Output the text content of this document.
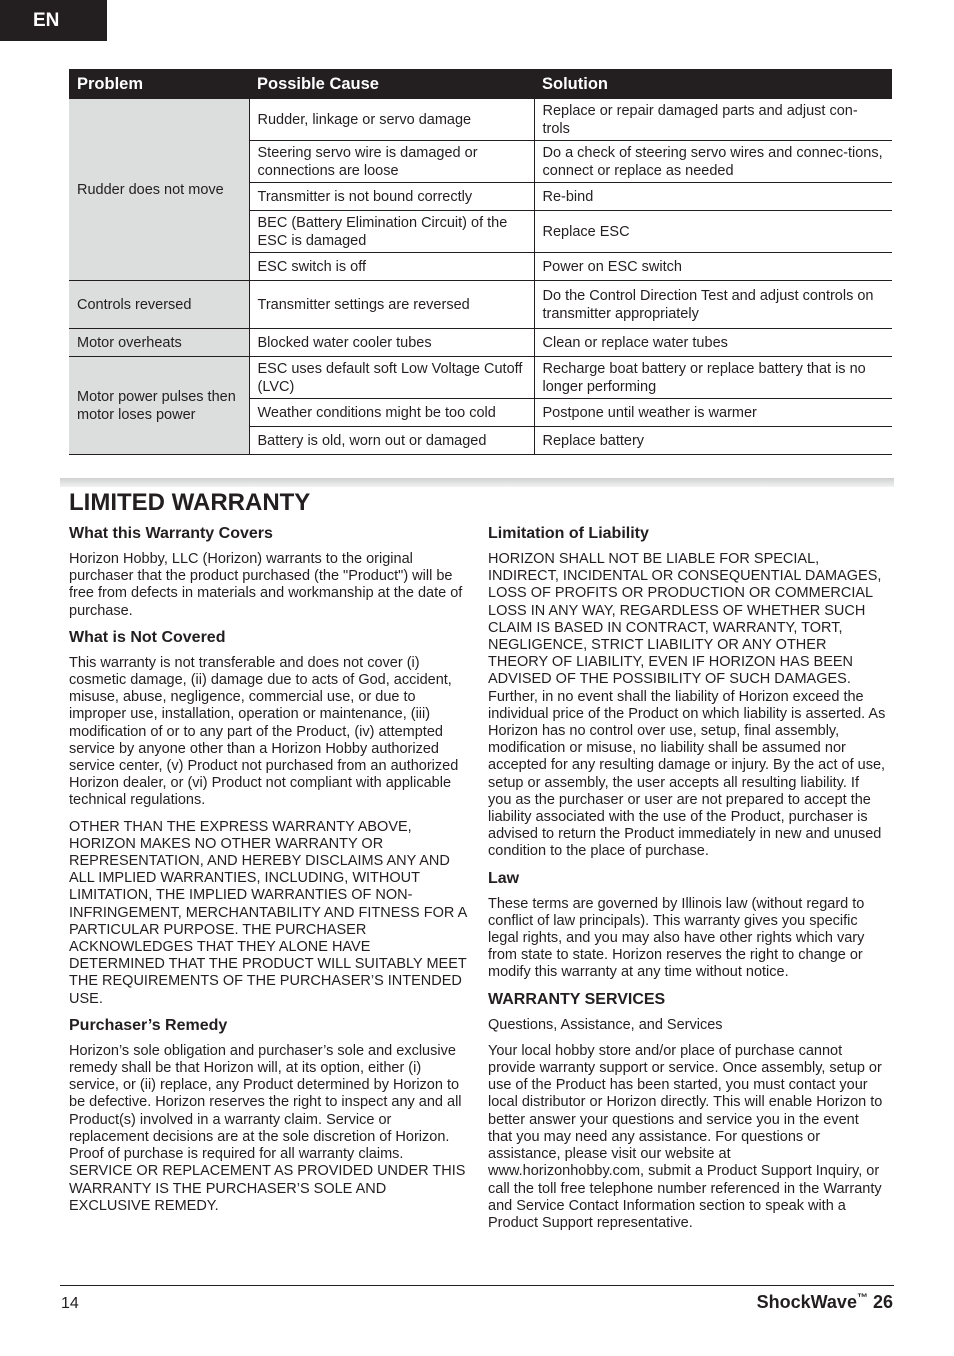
EN
Problem	Possible Cause	Solution
Rudder does not move	Rudder, linkage or servo damage	Replace or repair damaged parts and adjust con-trols
	Steering servo wire is damaged or connections are loose	Do a check of steering servo wires and connec-tions, connect or replace as needed
	Transmitter is not bound correctly	Re-bind
	BEC (Battery Elimination Circuit) of the ESC is damaged	Replace ESC
	ESC switch is off	Power on ESC switch
Controls reversed	Transmitter settings are reversed	Do the Control Direction Test and adjust controls on transmitter appropriately
Motor overheats	Blocked water cooler tubes	Clean or replace water tubes
Motor power pulses then motor loses power	ESC uses default soft Low Voltage Cutoff (LVC)	Recharge boat battery or replace battery that is no longer performing
	Weather conditions might be too cold	Postpone until weather is warmer
	Battery is old, worn out or damaged	Replace battery
LIMITED WARRANTY
What this Warranty Covers

Horizon Hobby, LLC (Horizon) warrants to the original purchaser that the product purchased (the "Product") will be free from defects in materials and workmanship at the date of purchase.

What is Not Covered

This warranty is not transferable and does not cover (i) cosmetic damage, (ii) damage due to acts of God, accident, misuse, abuse, negligence, commercial use, or due to improper use, installation, operation or maintenance, (iii) modification of or to any part of the Product, (iv) attempted service by anyone other than a Horizon Hobby authorized service center, (v) Product not purchased from an authorized Horizon dealer, or (vi) Product not compliant with applicable technical regulations.

OTHER THAN THE EXPRESS WARRANTY ABOVE, HORIZON MAKES NO OTHER WARRANTY OR REPRESENTATION, AND HEREBY DISCLAIMS ANY AND ALL IMPLIED WARRANTIES, INCLUDING, WITHOUT LIMITATION, THE IMPLIED WARRANTIES OF NON-INFRINGEMENT, MERCHANTABILITY AND FITNESS FOR A PARTICULAR PURPOSE. THE PURCHASER ACKNOWLEDGES THAT THEY ALONE HAVE DETERMINED THAT THE PRODUCT WILL SUITABLY MEET THE REQUIREMENTS OF THE PURCHASER’S INTENDED USE.

Purchaser’s Remedy

Horizon’s sole obligation and purchaser’s sole and exclusive remedy shall be that Horizon will, at its option, either (i) service, or (ii) replace, any Product determined by Horizon to be defective. Horizon reserves the right to inspect any and all Product(s) involved in a warranty claim. Service or replacement decisions are at the sole discretion of Horizon. Proof of purchase is required for all warranty claims. SERVICE OR REPLACEMENT AS PROVIDED UNDER THIS WARRANTY IS THE PURCHASER’S SOLE AND EXCLUSIVE REMEDY.

Limitation of Liability

HORIZON SHALL NOT BE LIABLE FOR SPECIAL, INDIRECT, INCIDENTAL OR CONSEQUENTIAL DAMAGES, LOSS OF PROFITS OR PRODUCTION OR COMMERCIAL LOSS IN ANY WAY, REGARDLESS OF WHETHER SUCH CLAIM IS BASED IN CONTRACT, WARRANTY, TORT, NEGLIGENCE, STRICT LIABILITY OR ANY OTHER THEORY OF LIABILITY, EVEN IF HORIZON HAS BEEN ADVISED OF THE POSSIBILITY OF SUCH DAMAGES. Further, in no event shall the liability of Horizon exceed the individual price of the Product on which liability is asserted. As Horizon has no control over use, setup, final assembly, modification or misuse, no liability shall be assumed nor accepted for any resulting damage or injury. By the act of use, setup or assembly, the user accepts all resulting liability. If you as the purchaser or user are not prepared to accept the liability associated with the use of the Product, purchaser is advised to return the Product immediately in new and unused condition to the place of purchase.

Law

These terms are governed by Illinois law (without regard to conflict of law principals). This warranty gives you specific legal rights, and you may also have other rights which vary from state to state. Horizon reserves the right to change or modify this warranty at any time without notice.

WARRANTY SERVICES

Questions, Assistance, and Services

Your local hobby store and/or place of purchase cannot provide warranty support or service. Once assembly, setup or use of the Product has been started, you must contact your local distributor or Horizon directly. This will enable Horizon to better answer your questions and service you in the event that you may need any assistance. For questions or assistance, please visit our website at www.horizonhobby.com, submit a Product Support Inquiry, or call the toll free telephone number referenced in the Warranty and Service Contact Information section to speak with a Product Support representative.

14	ShockWave™ 26
